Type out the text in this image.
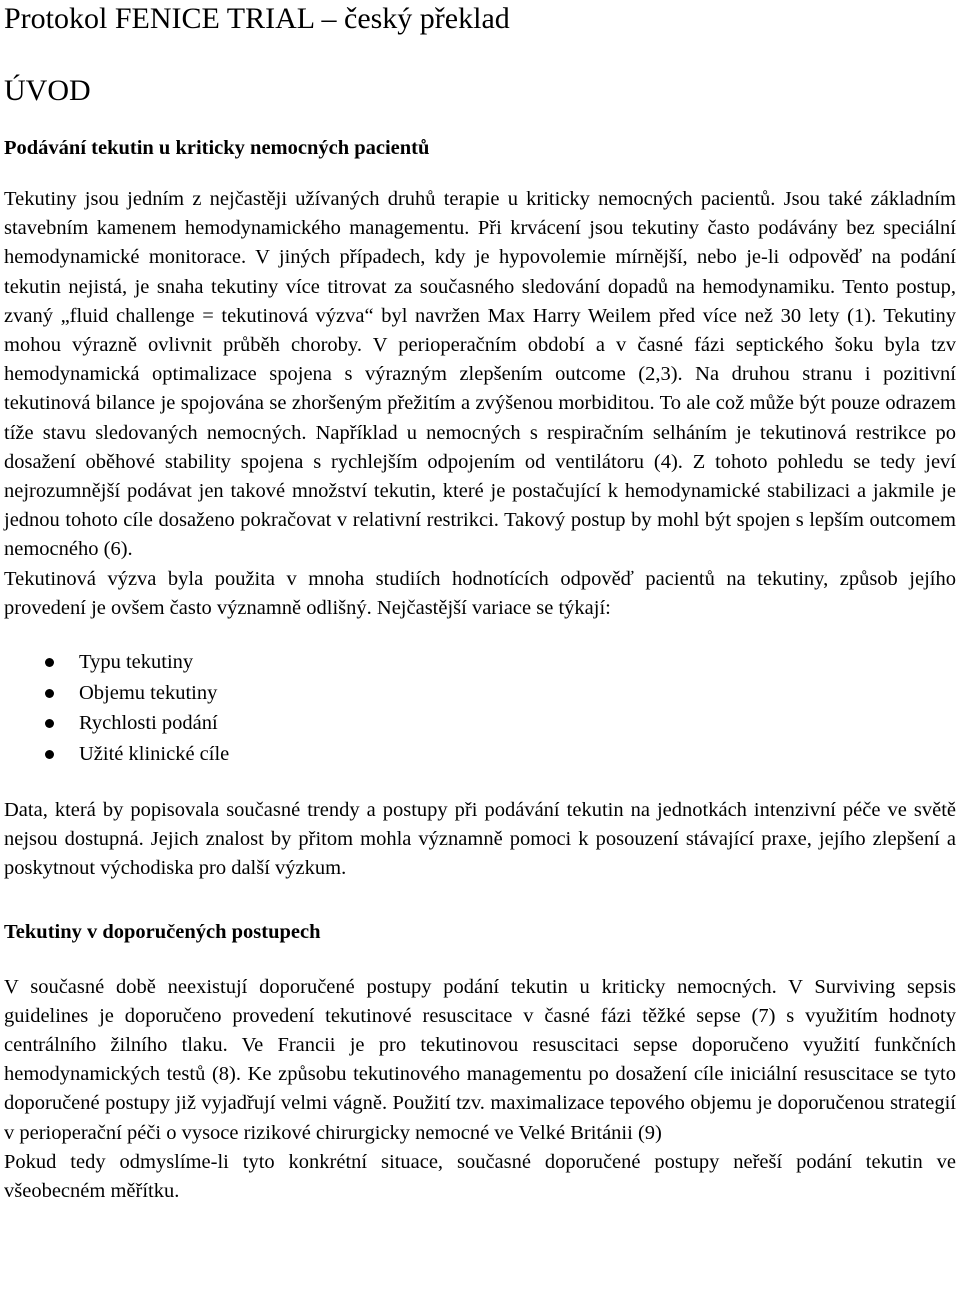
Protokol FENICE TRIAL – český překlad
ÚVOD
Podávání tekutin u kriticky nemocných pacientů

Tekutiny jsou jedním z nejčastěji užívaných druhů terapie u kriticky nemocných pacientů. Jsou také základním stavebním kamenem hemodynamického managementu. Při krvácení jsou tekutiny často podávány bez speciální hemodynamické monitorace. V jiných případech, kdy je hypovolemie mírnější, nebo je-li odpověď na podání tekutin nejistá, je snaha tekutiny více titrovat za současného sledování dopadů na hemodynamiku. Tento postup, zvaný „fluid challenge = tekutinová výzva“ byl navržen Max Harry Weilem před více než 30 lety (1). Tekutiny mohou výrazně ovlivnit průběh choroby. V perioperačním období a v časné fázi septického šoku byla tzv hemodynamická optimalizace spojena s výrazným zlepšením outcome (2,3). Na druhou stranu i pozitivní tekutinová bilance je spojována se zhoršeným přežitím a zvýšenou morbiditou. To ale což může být pouze odrazem tíže stavu sledovaných nemocných. Například u nemocných s respiračním selháním je tekutinová restrikce po dosažení oběhové stability spojena s rychlejším odpojením od ventilátoru (4). Z tohoto pohledu se tedy jeví nejrozumnější podávat jen takové množství tekutin, které je postačující k hemodynamické stabilizaci a jakmile je jednou tohoto cíle dosaženo pokračovat v relativní restrikci. Takový postup by mohl být spojen s lepším outcomem nemocného (6).

Tekutinová výzva byla použita v mnoha studiích hodnotících odpověď pacientů na tekutiny, způsob jejího provedení je ovšem často významně odlišný. Nejčastější variace se týkají:

Typu tekutiny
Objemu tekutiny
Rychlosti podání
Užité klinické cíle

Data, která by popisovala současné trendy a postupy při podávání tekutin na jednotkách intenzivní péče ve světě nejsou dostupná. Jejich znalost by přitom mohla významně pomoci k posouzení stávající praxe, jejího zlepšení a poskytnout východiska pro další výzkum.

Tekutiny v doporučených postupech

V současné době neexistují doporučené postupy podání tekutin u kriticky nemocných. V Surviving sepsis guidelines je doporučeno provedení tekutinové resuscitace v časné fázi těžké sepse (7) s využitím hodnoty centrálního žilního tlaku. Ve Francii je pro tekutinovou resuscitaci sepse doporučeno využití funkčních hemodynamických testů (8). Ke způsobu tekutinového managementu po dosažení cíle iniciální resuscitace se tyto doporučené postupy již vyjadřují velmi vágně. Použití tzv. maximalizace tepového objemu je doporučenou strategií v perioperační péči o vysoce rizikové chirurgicky nemocné ve Velké Británii (9)

Pokud tedy odmyslíme-li tyto konkrétní situace, současné doporučené postupy neřeší podání tekutin ve všeobecném měřítku.
